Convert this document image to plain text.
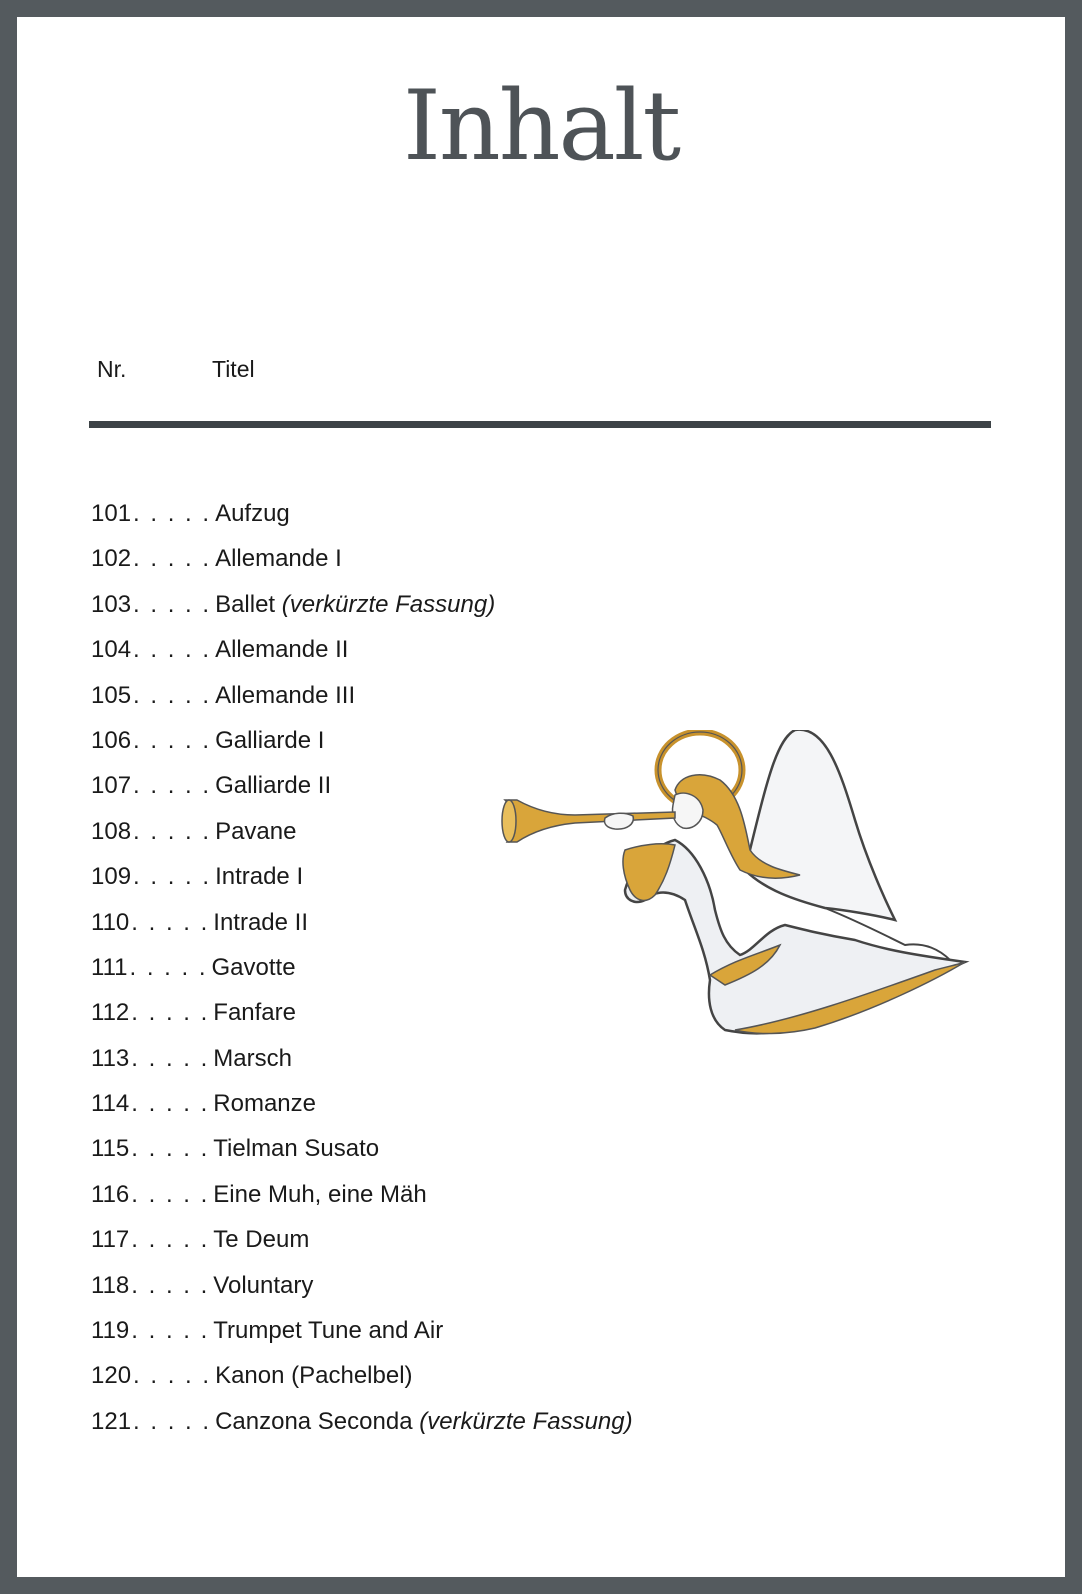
Inhalt
Nr.	Titel
101. . . . . Aufzug
102. . . . . Allemande I
103. . . . . Ballet (verkürzte Fassung)
104. . . . . Allemande II
105. . . . . Allemande III
106. . . . . Galliarde I
107. . . . . Galliarde II
108. . . . . Pavane
109. . . . . Intrade I
110. . . . . Intrade II
111. . . . . Gavotte
112. . . . . Fanfare
113. . . . . Marsch
114. . . . . Romanze
115. . . . . Tielman Susato
116. . . . . Eine Muh, eine Mäh
117. . . . . Te Deum
118. . . . . Voluntary
119. . . . . Trumpet Tune and Air
120. . . . . Kanon (Pachelbel)
121. . . . . Canzona Seconda (verkürzte Fassung)
